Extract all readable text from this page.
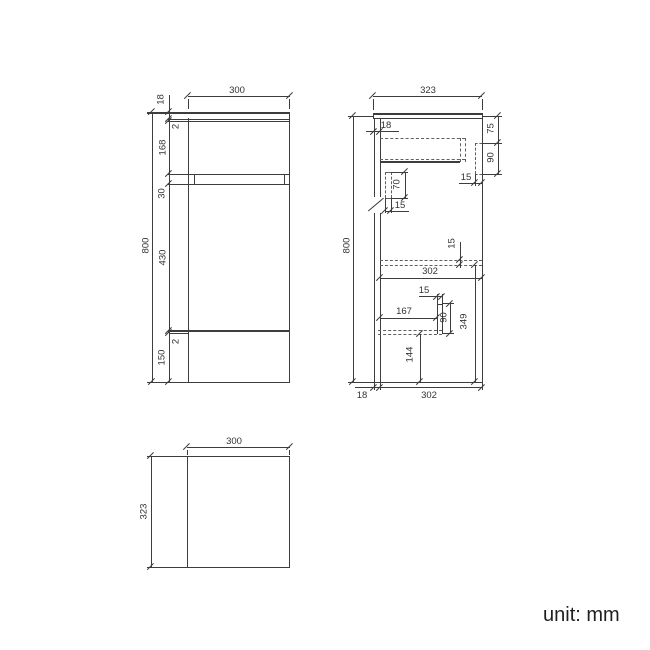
300
800
18
2
168
30
430
2
150
75
90
15
18
70
15
15
302
15
90
167
349
144
18	302
323
800
300
323
unit: mm
